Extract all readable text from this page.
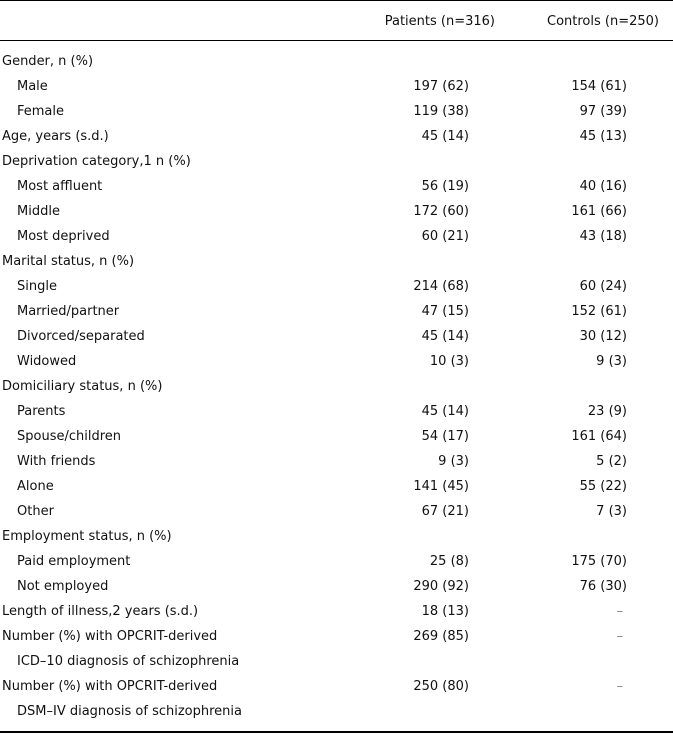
Patients (n=316)	Controls (n=250)
Gender, n (%)
Male	197 (62)	154 (61)
Female	119 (38)	97 (39)
Age, years (s.d.)	45 (14)	45 (13)
Deprivation category,1 n (%)
Most affluent	56 (19)	40 (16)
Middle	172 (60)	161 (66)
Most deprived	60 (21)	43 (18)
Marital status, n (%)
Single	214 (68)	60 (24)
Married/partner	47 (15)	152 (61)
Divorced/separated	45 (14)	30 (12)
Widowed	10 (3)	9 (3)
Domiciliary status, n (%)
Parents	45 (14)	23 (9)
Spouse/children	54 (17)	161 (64)
With friends	9 (3)	5 (2)
Alone	141 (45)	55 (22)
Other	67 (21)	7 (3)
Employment status, n (%)
Paid employment	25 (8)	175 (70)
Not employed	290 (92)	76 (30)
Length of illness,2 years (s.d.)	18 (13)	–
Number (%) with OPCRIT-derived	269 (85)	–
ICD–10 diagnosis of schizophrenia
Number (%) with OPCRIT-derived	250 (80)	–
DSM–IV diagnosis of schizophrenia
